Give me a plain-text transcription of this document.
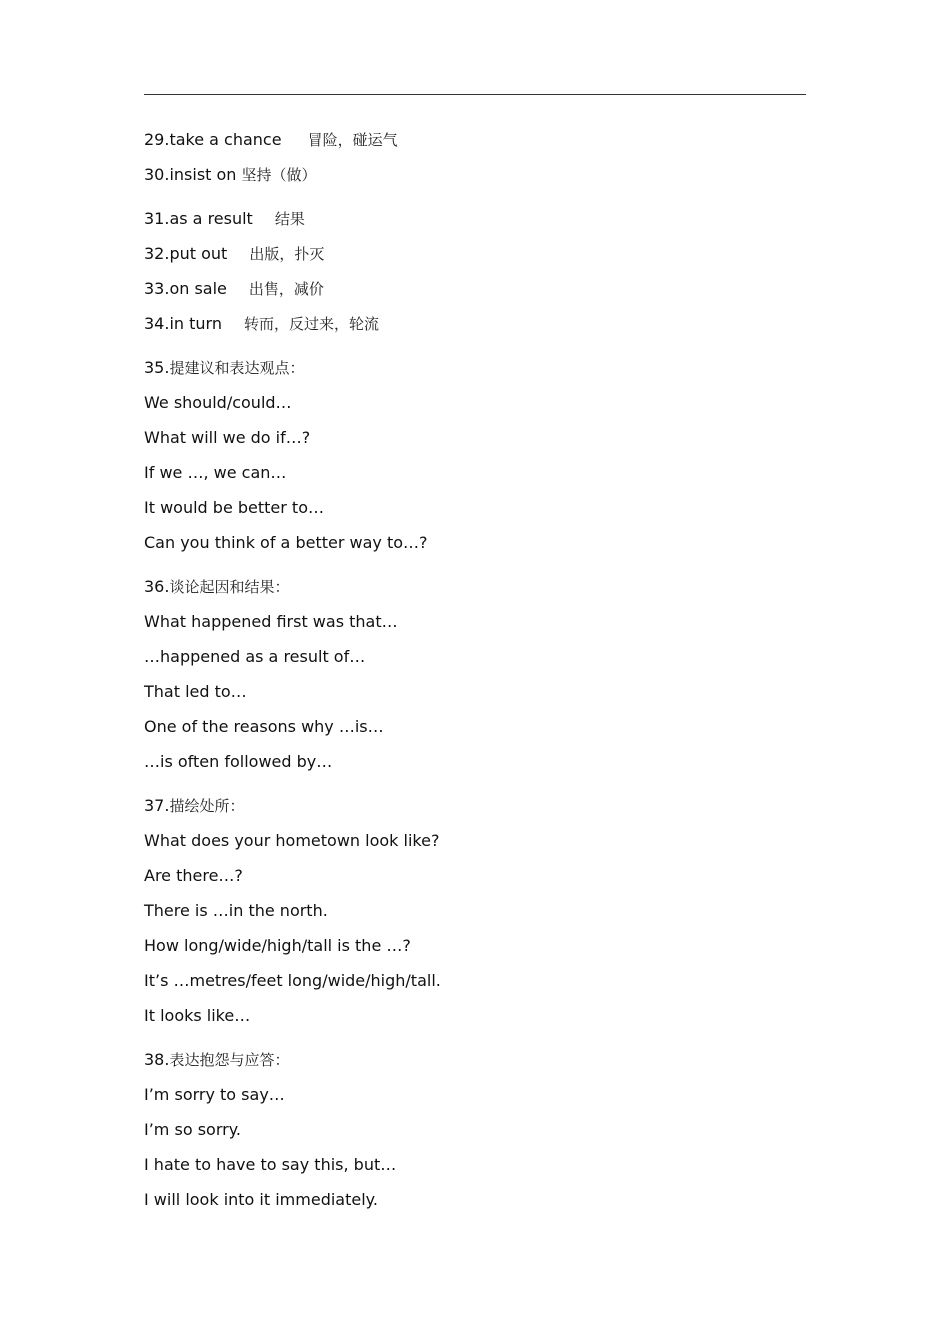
29.take a chance 冒险，碰运气
30.insist on 坚持（做）
31.as a result 结果
32.put out 出版，扑灭
33.on sale 出售，减价
34.in turn 转而，反过来，轮流
35.提建议和表达观点：
We should/could…
What will we do if…?
If we …, we can…
It would be better to…
Can you think of a better way to…?
36.谈论起因和结果：
What happened first was that…
…happened as a result of…
That led to…
One of the reasons why …is…
…is often followed by…
37.描绘处所：
What does your hometown look like?
Are there…?
There is …in the north.
How long/wide/high/tall is the …?
It’s …metres/feet long/wide/high/tall.
It looks like…
38.表达抱怨与应答：
I’m sorry to say…
I’m so sorry.
I hate to have to say this, but…
I will look into it immediately.
